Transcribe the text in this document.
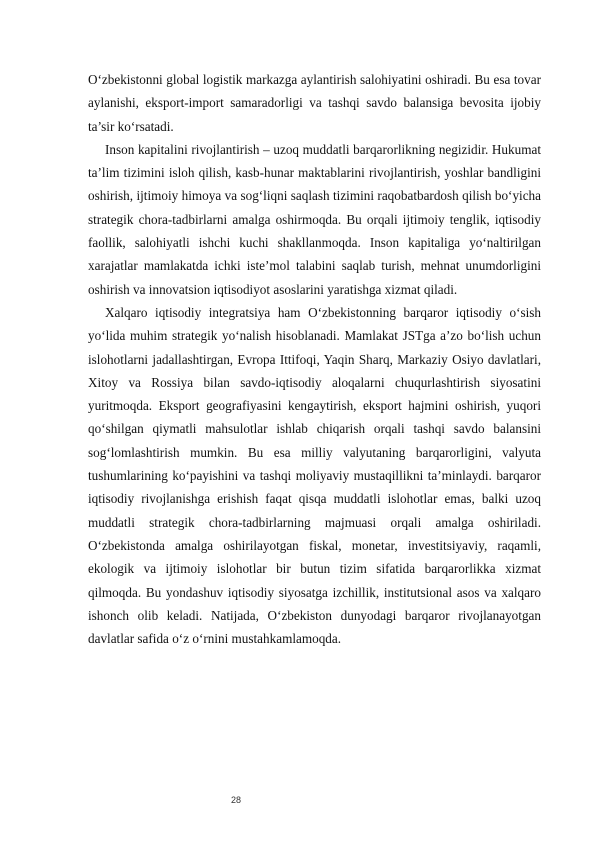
O‘zbekistonni global logistik markazga aylantirish salohiyatini oshiradi. Bu esa tovar aylanishi, eksport-import samaradorligi va tashqi savdo balansiga bevosita ijobiy ta’sir ko‘rsatadi.

Inson kapitalini rivojlantirish – uzoq muddatli barqarorlikning negizidir. Hukumat ta’lim tizimini isloh qilish, kasb-hunar maktablarini rivojlantirish, yoshlar bandligini oshirish, ijtimoiy himoya va sog‘liqni saqlash tizimini raqobatbardosh qilish bo‘yicha strategik chora-tadbirlarni amalga oshirmoqda. Bu orqali ijtimoiy tenglik, iqtisodiy faollik, salohiyatli ishchi kuchi shakllanmoqda. Inson kapitaliga yo‘naltirilgan xarajatlar mamlakatda ichki iste’mol talabini saqlab turish, mehnat unumdorligini oshirish va innovatsion iqtisodiyot asoslarini yaratishga xizmat qiladi.

Xalqaro iqtisodiy integratsiya ham O‘zbekistonning barqaror iqtisodiy o‘sish yo‘lida muhim strategik yo‘nalish hisoblanadi. Mamlakat JSTga a’zo bo‘lish uchun islohotlarni jadallashtirgan, Evropa Ittifoqi, Yaqin Sharq, Markaziy Osiyo davlatlari, Xitoy va Rossiya bilan savdo-iqtisodiy aloqalarni chuqurlashtirish siyosatini yuritmoqda. Eksport geografiyasini kengaytirish, eksport hajmini oshirish, yuqori qo‘shilgan qiymatli mahsulotlar ishlab chiqarish orqali tashqi savdo balansini sog‘lomlashtirish mumkin. Bu esa milliy valyutaning barqarorligini, valyuta tushumlarining ko‘payishini va tashqi moliyaviy mustaqillikni ta’minlaydi. barqaror iqtisodiy rivojlanishga erishish faqat qisqa muddatli islohotlar emas, balki uzoq muddatli strategik chora-tadbirlarning majmuasi orqali amalga oshiriladi. O‘zbekistonda amalga oshirilayotgan fiskal, monetar, investitsiyaviy, raqamli, ekologik va ijtimoiy islohotlar bir butun tizim sifatida barqarorlikka xizmat qilmoqda. Bu yondashuv iqtisodiy siyosatga izchillik, institutsional asos va xalqaro ishonch olib keladi. Natijada, O‘zbekiston dunyodagi barqaror rivojlanayotgan davlatlar safida o‘z o‘rnini mustahkamlamoqda.

28
